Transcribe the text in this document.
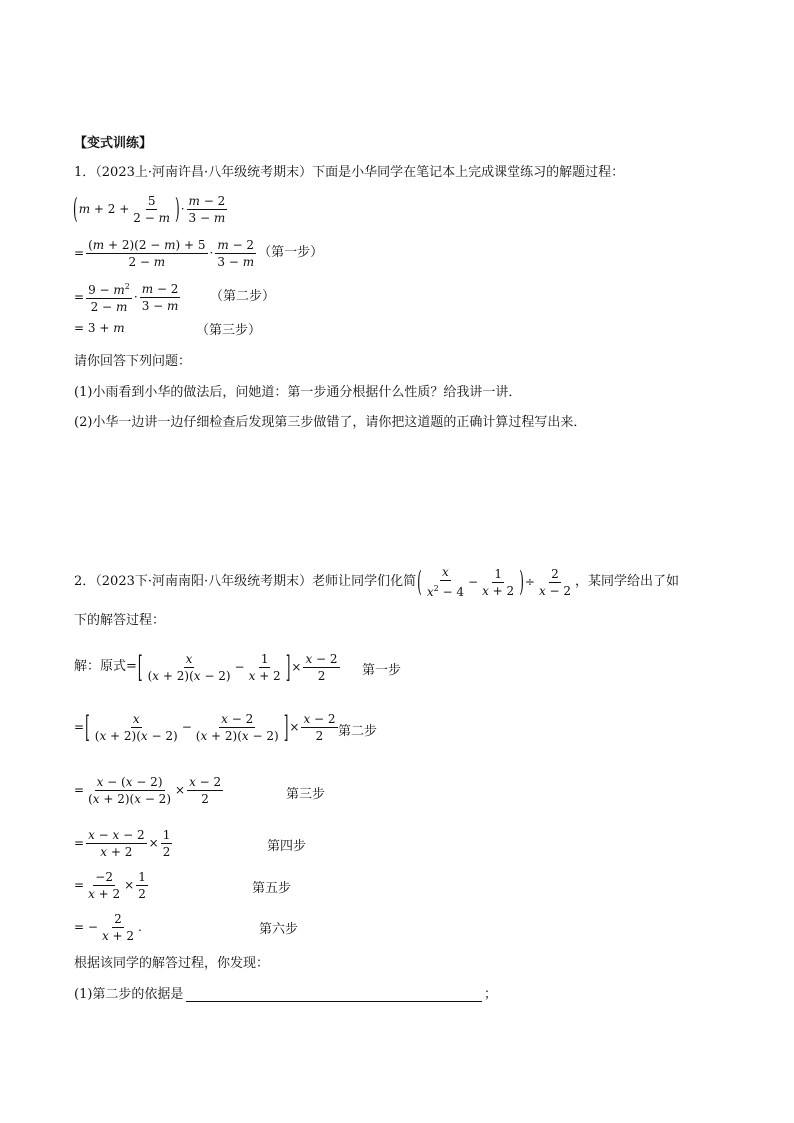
【变式训练】
1．（2023上·河南许昌·八年级统考期末）下面是小华同学在笔记本上完成课堂练习的解题过程：
( m
+ $2 + \frac{5}{2 - m}$ ) · $\frac{m - 2}{3 - m}$
= $\frac{(m + 2)(2 - m) + 5}{2 - m} \cdot \frac{m - 2}{3 - m}$ （第一步）
= $\frac{9 - m^2}{2 - m} \cdot \frac{m - 2}{3 - m}$ （第二步）
= 3 + m	（第三步）
请你回答下列问题：
(1)小雨看到小华的做法后，问她道：第一步通分根据什么性质？给我讲一讲．
(2)小华一边讲一边仔细检查后发现第三步做错了，请你把这道题的正确计算过程写出来．
2．（2023下·河南南阳·八年级统考期末）老师让同学们化简 ( $\frac{x}{x^2 - 4} - \frac{1}{x + 2}$ ) ÷ $\frac{2}{x - 2}$ ，某同学给出了如
下的解答过程：
解：原式= [ $\frac{x}{(x + 2)(x - 2)} - \frac{1}{x + 2}$ ] × $\frac{x - 2}{2}$ 第一步
= [ $\frac{x}{(x + 2)(x - 2)} - \frac{x - 2}{(x + 2)(x - 2)}$ ] × $\frac{x - 2}{2}$ 第二步
= $\frac{x - (x - 2)}{(x + 2)(x - 2)} \times \frac{x - 2}{2}$	第三步
= $\frac{x - x - 2}{x + 2} \times \frac{1}{2}$	第四步
= $\frac{-2}{x + 2} \times \frac{1}{2}$	第五步
= − $\frac{2}{x + 2}$ .	第六步
根据该同学的解答过程，你发现：
(1)第二步的依据是	；
